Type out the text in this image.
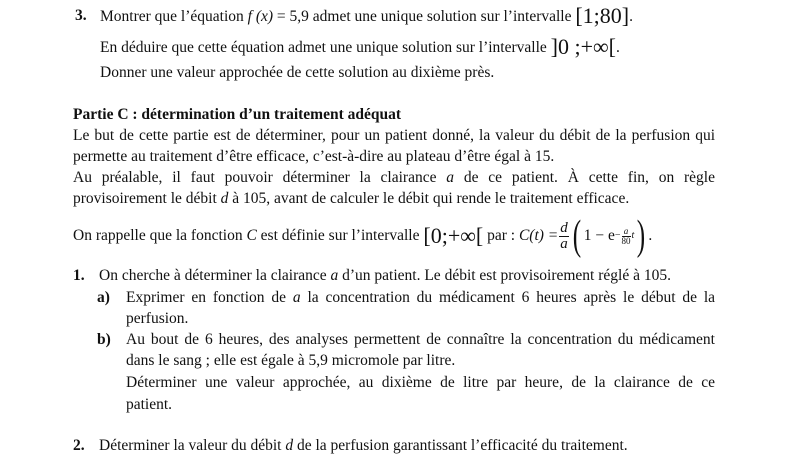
3. Montrer que l’équation f (x) = 5,9 admet une unique solution sur l’intervalle [1;80].
En déduire que cette équation admet une unique solution sur l’intervalle ]0 ;+∞[.
Donner une valeur approchée de cette solution au dixième près.
Partie C : détermination d’un traitement adéquat
Le but de cette partie est de déterminer, pour un patient donné, la valeur du débit de la perfusion qui
permette au traitement d’être efficace, c’est-à-dire au plateau d’être égal à 15.
Au préalable, il faut pouvoir déterminer la clairance a de ce patient. À cette fin, on règle
provisoirement le débit d à 105, avant de calculer le débit qui rende le traitement efficace.
On rappelle que la fonction
C
est définie sur l’intervalle
[0;+∞[
par :
$C(t) = \frac{d}{a}$ ( 1 − e − a
80 t ) .
1. On cherche à déterminer la clairance a d’un patient. Le débit est provisoirement réglé à 105.
a) Exprimer en fonction de a la concentration du médicament 6 heures après le début de la
perfusion.
b) Au bout de 6 heures, des analyses permettent de connaître la concentration du médicament
dans le sang ; elle est égale à 5,9 micromole par litre.
Déterminer une valeur approchée, au dixième de litre par heure, de la clairance de ce
patient.
2. Déterminer la valeur du débit d de la perfusion garantissant l’efficacité du traitement.
